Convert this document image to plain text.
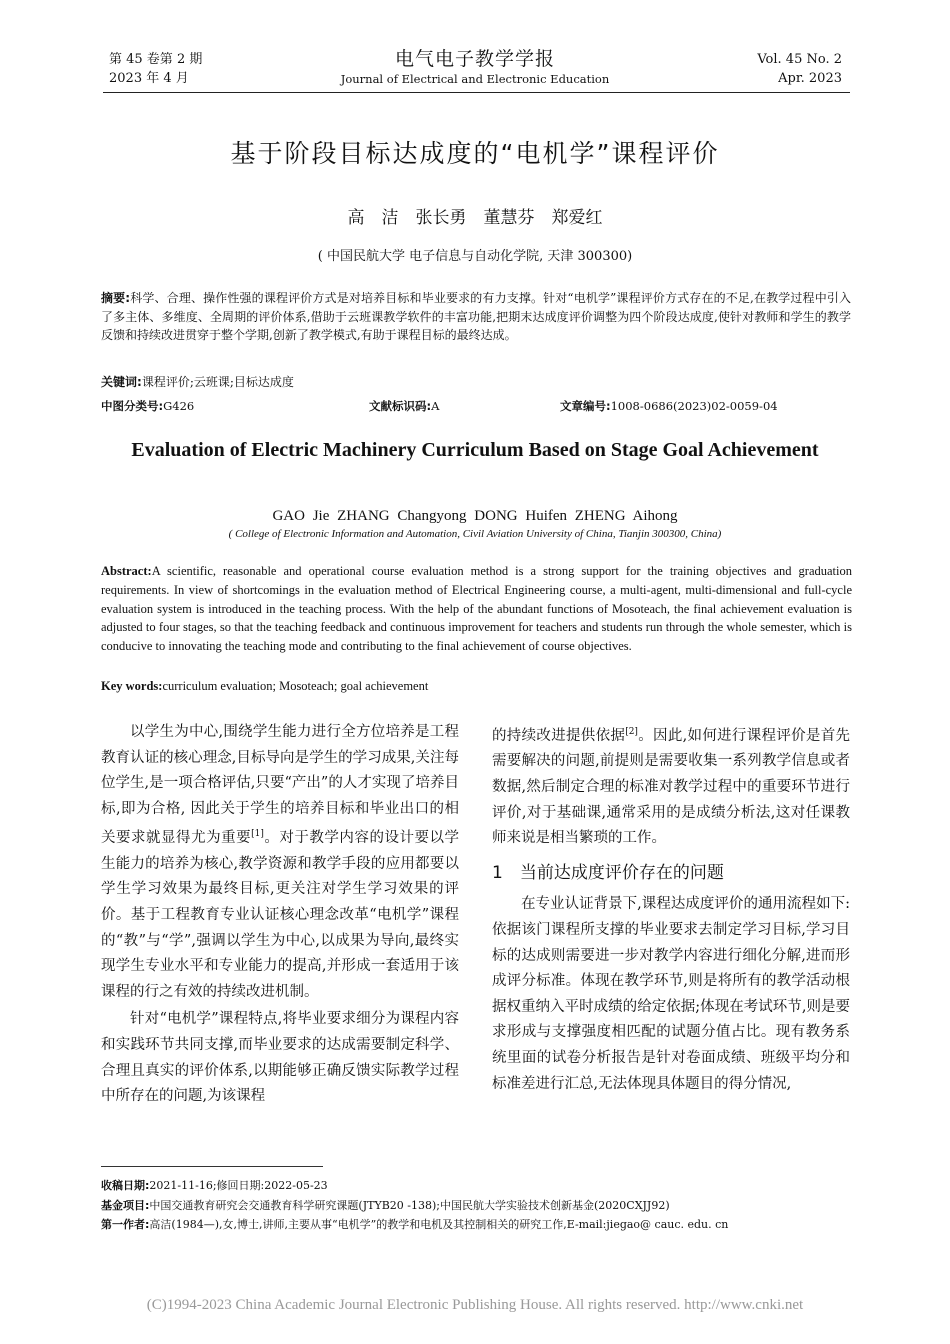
第 45 卷第 2 期
2023 年 4 月
电气电子教学学报
Journal of Electrical and Electronic Education
Vol. 45 No. 2
Apr. 2023
基于阶段目标达成度的“电机学”课程评价
高　洁　张长勇　董慧芬　郑爱红
( 中国民航大学 电子信息与自动化学院, 天津 300300)
摘要:科学、合理、操作性强的课程评价方式是对培养目标和毕业要求的有力支撑。针对“电机学”课程评价方式存在的不足,在教学过程中引入了多主体、多维度、全周期的评价体系,借助于云班课教学软件的丰富功能,把期末达成度评价调整为四个阶段达成度,使针对教师和学生的教学反馈和持续改进贯穿于整个学期,创新了教学模式,有助于课程目标的最终达成。
关键词:课程评价;云班课;目标达成度
中图分类号:G426	文献标识码:A	文章编号:1008-0686(2023)02-0059-04
Evaluation of Electric Machinery Curriculum Based on Stage Goal Achievement
GAO Jie ZHANG Changyong DONG Huifen ZHENG Aihong
( College of Electronic Information and Automation, Civil Aviation University of China, Tianjin 300300, China)
Abstract:A scientific, reasonable and operational course evaluation method is a strong support for the training objectives and graduation requirements. In view of shortcomings in the evaluation method of Electrical Engineering course, a multi-agent, multi-dimensional and full-cycle evaluation system is introduced in the teaching process. With the help of the abundant functions of Mosoteach, the final achievement evaluation is adjusted to four stages, so that the teaching feedback and continuous improvement for teachers and students run through the whole semester, which is conducive to innovating the teaching mode and contributing to the final achievement of course objectives.
Key words:curriculum evaluation; Mosoteach; goal achievement

以学生为中心,围绕学生能力进行全方位培养是工程教育认证的核心理念,目标导向是学生的学习成果,关注每位学生,是一项合格评估,只要“产出”的人才实现了培养目标,即为合格, 因此关于学生的培养目标和毕业出口的相关要求就显得尤为重要[1]。对于教学内容的设计要以学生能力的培养为核心,教学资源和教学手段的应用都要以学生学习效果为最终目标,更关注对学生学习效果的评价。基于工程教育专业认证核心理念改革“电机学”课程的“教”与“学”,强调以学生为中心,以成果为导向,最终实现学生专业水平和专业能力的提高,并形成一套适用于该课程的行之有效的持续改进机制。

针对“电机学”课程特点,将毕业要求细分为课程内容和实践环节共同支撑,而毕业要求的达成需要制定科学、合理且真实的评价体系,以期能够正确反馈实际教学过程中所存在的问题,为该课程

的持续改进提供依据[2]。因此,如何进行课程评价是首先需要解决的问题,前提则是需要收集一系列教学信息或者数据,然后制定合理的标准对教学过程中的重要环节进行评价,对于基础课,通常采用的是成绩分析法,这对任课教师来说是相当繁琐的工作。

1　当前达成度评价存在的问题

在专业认证背景下,课程达成度评价的通用流程如下:依据该门课程所支撑的毕业要求去制定学习目标,学习目标的达成则需要进一步对教学内容进行细化分解,进而形成评分标准。体现在教学环节,则是将所有的教学活动根据权重纳入平时成绩的给定依据;体现在考试环节,则是要求形成与支撑强度相匹配的试题分值占比。现有教务系统里面的试卷分析报告是针对卷面成绩、班级平均分和标准差进行汇总,无法体现具体题目的得分情况,

收稿日期:2021-11-16;修回日期:2022-05-23
基金项目:中国交通教育研究会交通教育科学研究课题(JTYB20 -138);中国民航大学实验技术创新基金(2020CXJJ92)
第一作者:高洁(1984—),女,博士,讲师,主要从事“电机学”的教学和电机及其控制相关的研究工作,E-mail:jiegao@ cauc. edu. cn
(C)1994-2023 China Academic Journal Electronic Publishing House. All rights reserved. http://www.cnki.net
